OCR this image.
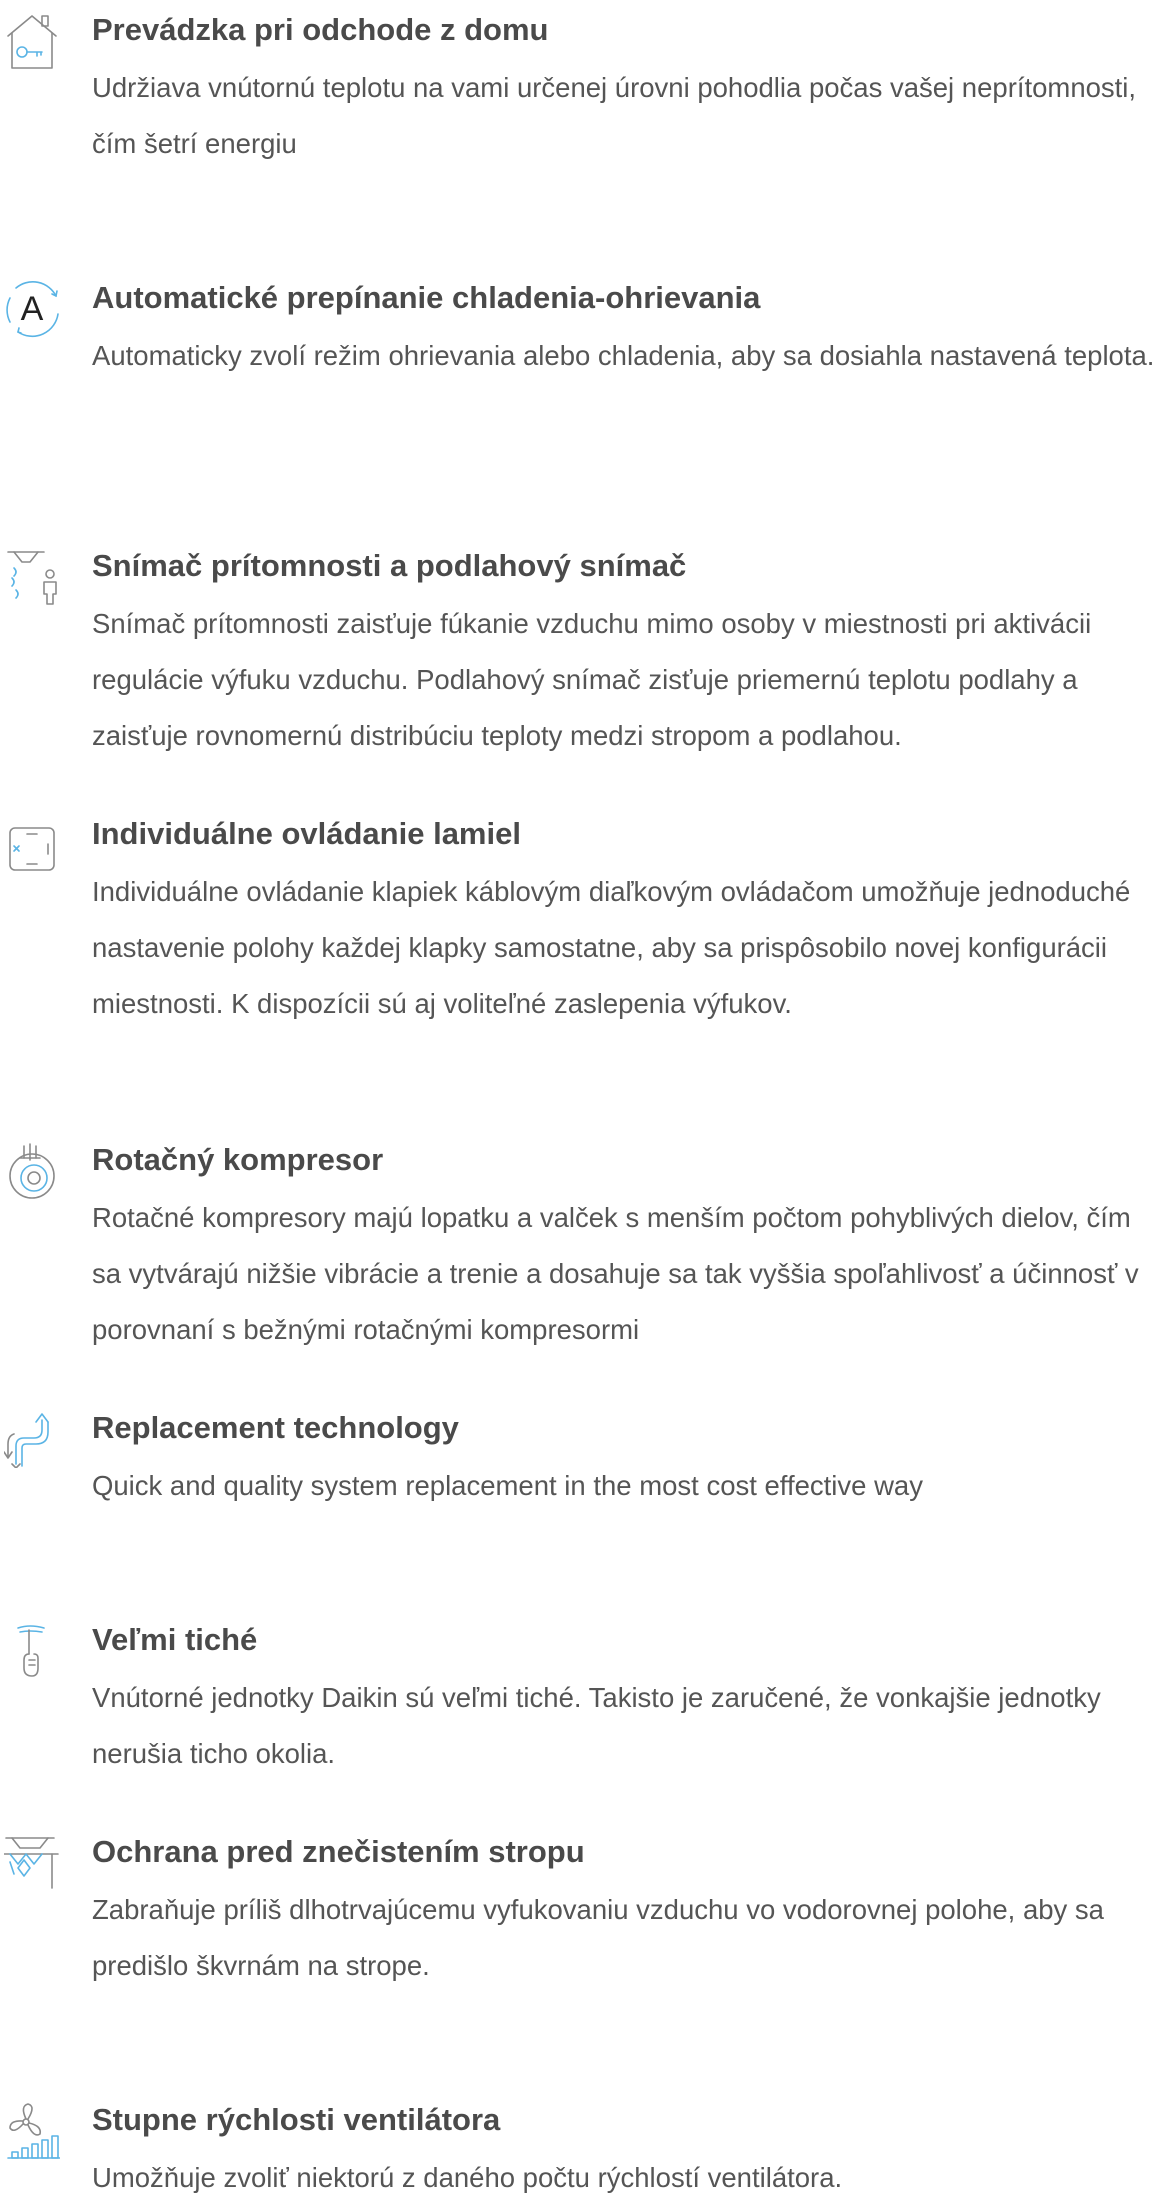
Prevádzka pri odchode z domu

Udržiava vnútornú teplotu na vami určenej úrovni pohodlia počas vašej neprítomnosti, čím šetrí energiu

A Automatické prepínanie chladenia-ohrievania

Automaticky zvolí režim ohrievania alebo chladenia, aby sa dosiahla nastavená teplota.

Snímač prítomnosti a podlahový snímač

Snímač prítomnosti zaisťuje fúkanie vzduchu mimo osoby v miestnosti pri aktivácii regulácie výfuku vzduchu. Podlahový snímač zisťuje priemernú teplotu podlahy a zaisťuje rovnomernú distribúciu teploty medzi stropom a podlahou.

Individuálne ovládanie lamiel

Individuálne ovládanie klapiek káblovým diaľkovým ovládačom umožňuje jednoduché nastavenie polohy každej klapky samostatne, aby sa prispôsobilo novej konfigurácii miestnosti. K dispozícii sú aj voliteľné zaslepenia výfukov.

Rotačný kompresor

Rotačné kompresory majú lopatku a valček s menším počtom pohyblivých dielov, čím sa vytvárajú nižšie vibrácie a trenie a dosahuje sa tak vyššia spoľahlivosť a účinnosť v porovnaní s bežnými rotačnými kompresormi

Replacement technology

Quick and quality system replacement in the most cost effective way

Veľmi tiché

Vnútorné jednotky Daikin sú veľmi tiché. Takisto je zaručené, že vonkajšie jednotky nerušia ticho okolia.

Ochrana pred znečistením stropu

Zabraňuje príliš dlhotrvajúcemu vyfukovaniu vzduchu vo vodorovnej polohe, aby sa predišlo škvrnám na strope.

Stupne rýchlosti ventilátora

Umožňuje zvoliť niektorú z daného počtu rýchlostí ventilátora.
